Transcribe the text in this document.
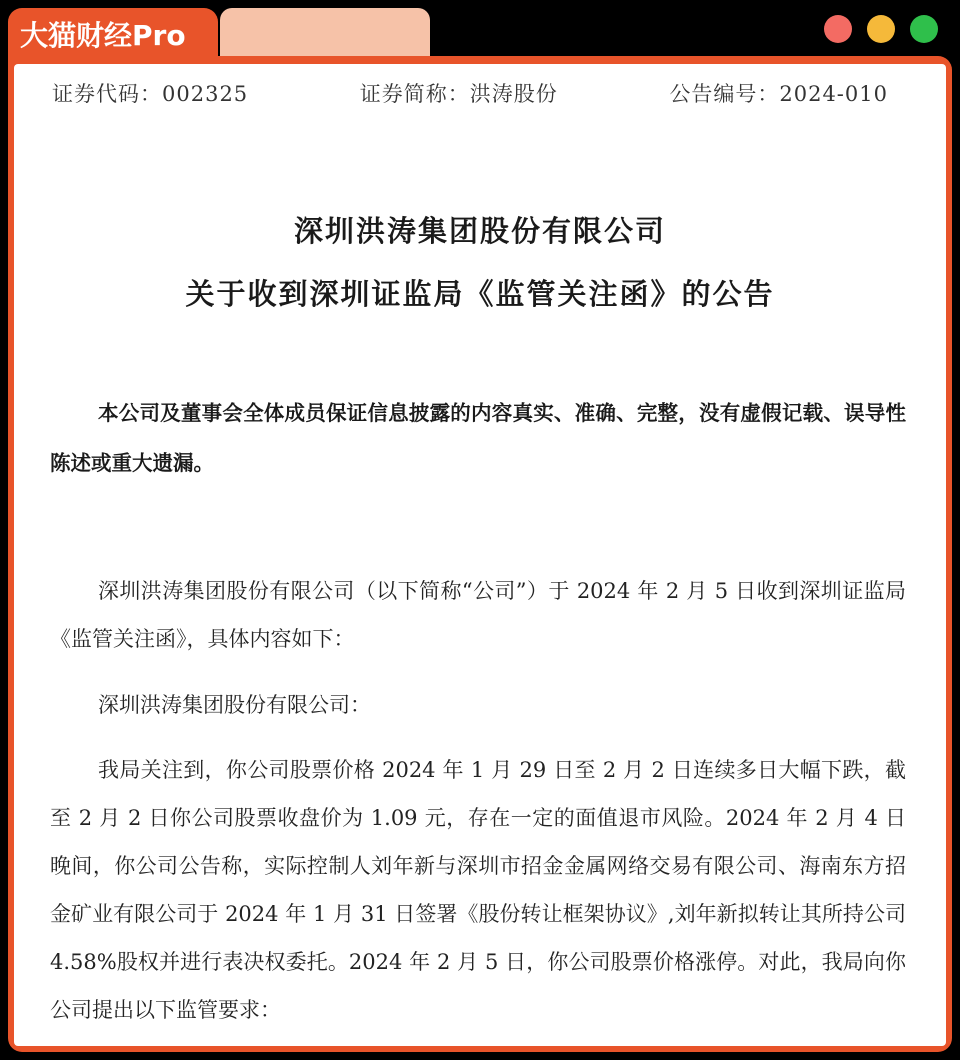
大猫财经Pro
证券代码：002325	证券简称：洪涛股份	公告编号：2024-010
深圳洪涛集团股份有限公司
关于收到深圳证监局《监管关注函》的公告
本公司及董事会全体成员保证信息披露的内容真实、准确、完整，没有虚假记载、误导性陈述或重大遗漏。
深圳洪涛集团股份有限公司（以下简称“公司”）于 2024 年 2 月 5 日收到深圳证监局《监管关注函》，具体内容如下：
深圳洪涛集团股份有限公司：
我局关注到，你公司股票价格 2024 年 1 月 29 日至 2 月 2 日连续多日大幅下跌，截至 2 月 2 日你公司股票收盘价为 1.09 元，存在一定的面值退市风险。2024 年 2 月 4 日晚间，你公司公告称，实际控制人刘年新与深圳市招金金属网络交易有限公司、海南东方招金矿业有限公司于 2024 年 1 月 31 日签署《股份转让框架协议》,刘年新拟转让其所持公司 4.58%股权并进行表决权委托。2024 年 2 月 5 日，你公司股票价格涨停。对此，我局向你公司提出以下监管要求：
